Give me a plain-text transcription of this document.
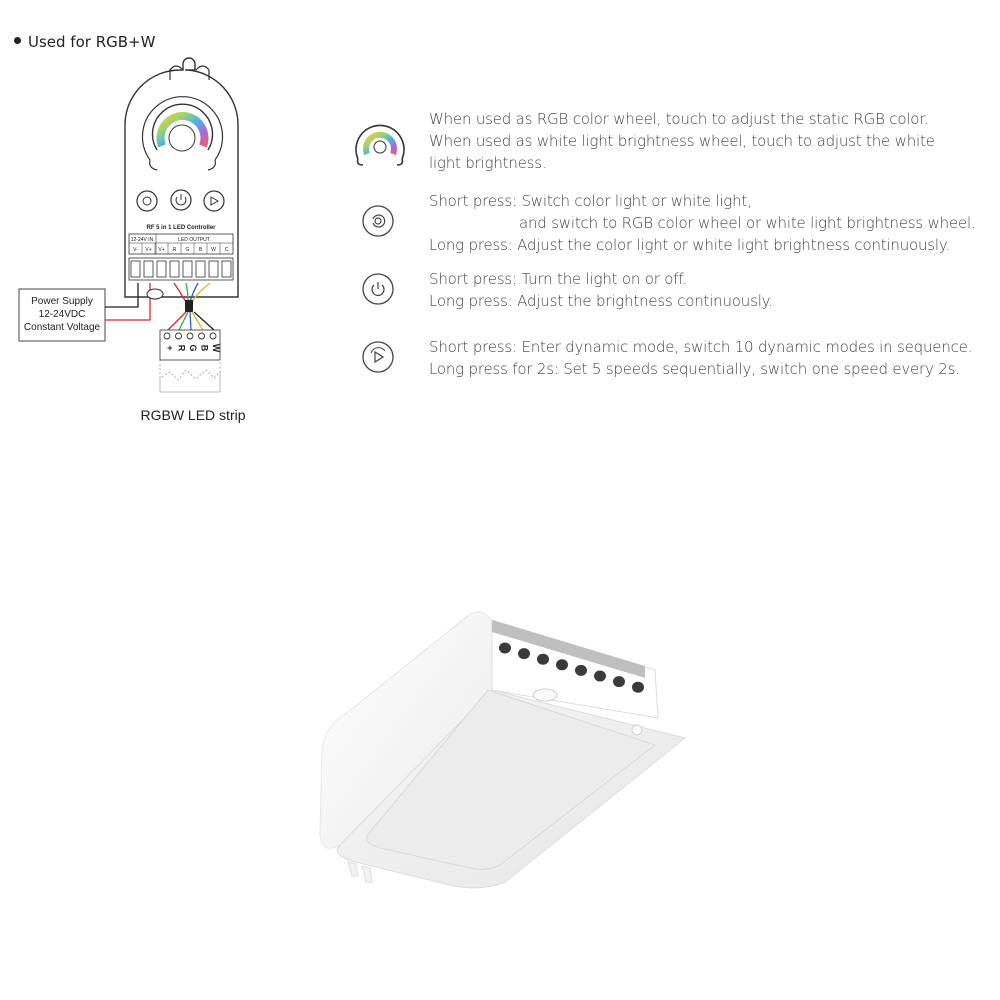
Used for RGB+W
RF 5 in 1 LED Controller
12-24V IN	LED OUTPUT
V- V+ V+ R G B W C
Power Supply
12-24VDC
Constant Voltage
+ R G B W
RGBW LED strip
When used as RGB color wheel, touch to adjust the static RGB color.
When used as white light brightness wheel, touch to adjust the white
light brightness.
Short press: Switch color light or white light,
and switch to RGB color wheel or white light brightness wheel.
Long press: Adjust the color light or white light brightness continuously.
Short press: Turn the light on or off.
Long press: Adjust the brightness continuously.
Short press: Enter dynamic mode, switch 10 dynamic modes in sequence.
Long press for 2s: Set 5 speeds sequentially, switch one speed every 2s.
